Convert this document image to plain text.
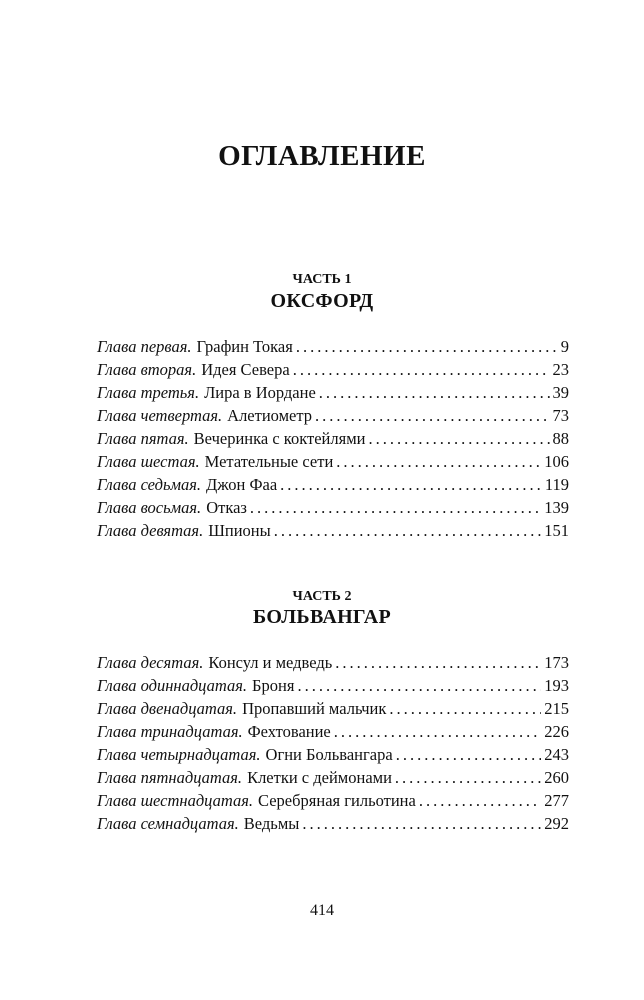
ОГЛАВЛЕНИЕ

ЧАСТЬ 1

ОКСФОРД
Глава первая. Графин Токая .....	9
Глава вторая. Идея Севера .....	23
Глава третья. Лира в Иордане .....	39
Глава четвертая. Алетиометр .....	73
Глава пятая. Вечеринка с коктейлями .....	88
Глава шестая. Метательные сети .....	106
Глава седьмая. Джон Фаа .....	119
Глава восьмая. Отказ .....	139
Глава девятая. Шпионы .....	151

ЧАСТЬ 2

БОЛЬВАНГАР
Глава десятая. Консул и медведь .....	173
Глава одиннадцатая. Броня .....	193
Глава двенадцатая. Пропавший мальчик .....	215
Глава тринадцатая. Фехтование .....	226
Глава четырнадцатая. Огни Больвангара .....	243
Глава пятнадцатая. Клетки с деймонами .....	260
Глава шестнадцатая. Серебряная гильотина .....	277
Глава семнадцатая. Ведьмы .....	292

414
